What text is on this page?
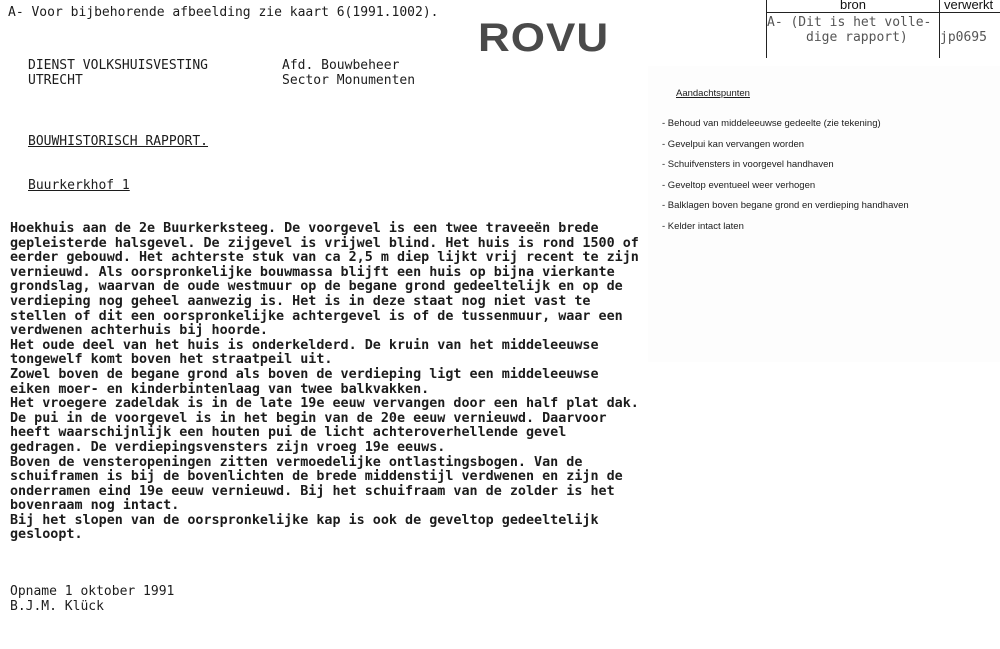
A- Voor bijbehorende afbeelding zie kaart 6(1991.1002).
ROVU
bron	verwerkt
A- (Dit is het volle-
dige rapport) jp0695
DIENST VOLKSHUISVESTING
UTRECHT
Afd. Bouwbeheer
Sector Monumenten
BOUWHISTORISCH RAPPORT.
Buurkerkhof 1
Hoekhuis aan de 2e Buurkerksteeg. De voorgevel is een twee traveeën brede
gepleisterde halsgevel. De zijgevel is vrijwel blind. Het huis is rond 1500 of
eerder gebouwd. Het achterste stuk van ca 2,5 m diep lijkt vrij recent te zijn
vernieuwd. Als oorspronkelijke bouwmassa blijft een huis op bijna vierkante
grondslag, waarvan de oude westmuur op de begane grond gedeeltelijk en op de
verdieping nog geheel aanwezig is. Het is in deze staat nog niet vast te
stellen of dit een oorspronkelijke achtergevel is of de tussenmuur, waar een
verdwenen achterhuis bij hoorde.
Het oude deel van het huis is onderkelderd. De kruin van het middeleeuwse
tongewelf komt boven het straatpeil uit.
Zowel boven de begane grond als boven de verdieping ligt een middeleeuwse
eiken moer- en kinderbintenlaag van twee balkvakken.
Het vroegere zadeldak is in de late 19e eeuw vervangen door een half plat dak.
De pui in de voorgevel is in het begin van de 20e eeuw vernieuwd. Daarvoor
heeft waarschijnlijk een houten pui de licht achteroverhellende gevel
gedragen. De verdiepingsvensters zijn vroeg 19e eeuws.
Boven de vensteropeningen zitten vermoedelijke ontlastingsbogen. Van de
schuiframen is bij de bovenlichten de brede middenstijl verdwenen en zijn de
onderramen eind 19e eeuw vernieuwd. Bij het schuifraam van de zolder is het
bovenraam nog intact.
Bij het slopen van de oorspronkelijke kap is ook de geveltop gedeeltelijk
gesloopt.
Opname 1 oktober 1991
B.J.M. Klück
Aandachtspunten
- Behoud van middeleeuwse gedeelte (zie tekening)
- Gevelpui kan vervangen worden
- Schuifvensters in voorgevel handhaven
- Geveltop eventueel weer verhogen
- Balklagen boven begane grond en verdieping handhaven
- Kelder intact laten
